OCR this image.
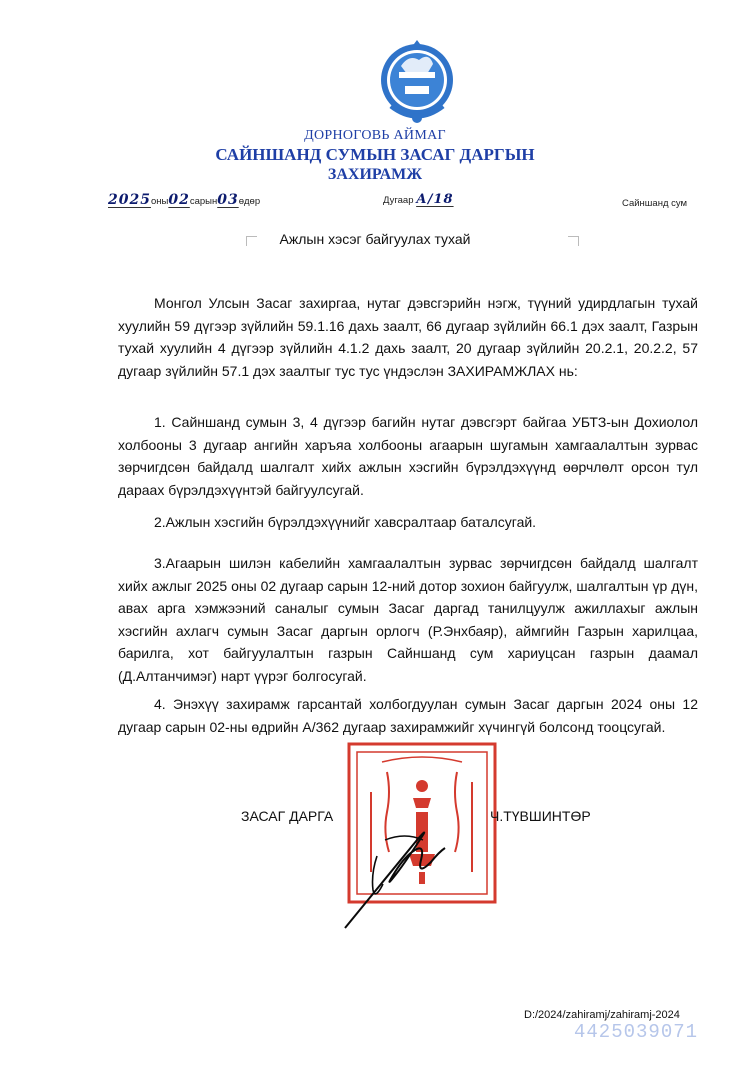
ДОРНОГОВЬ АЙМАГ
САЙНШАНД СУМЫН ЗАСАГ ДАРГЫН
ЗАХИРАМЖ
2025оны02сарын03өдөр	Дугаар А/18	Сайншанд сум
Ажлын хэсэг байгуулах тухай

Монгол Улсын Засаг захиргаа, нутаг дэвсгэрийн нэгж, түүний удирдлагын тухай хуулийн 59 дүгээр зүйлийн 59.1.16 дахь заалт, 66 дугаар зүйлийн 66.1 дэх заалт, Газрын тухай хуулийн 4 дүгээр зүйлийн 4.1.2 дахь заалт, 20 дугаар зүйлийн 20.2.1, 20.2.2, 57 дугаар зүйлийн 57.1 дэх заалтыг тус тус үндэслэн ЗАХИРАМЖЛАХ нь:

1. Сайншанд сумын 3, 4 дүгээр багийн нутаг дэвсгэрт байгаа УБТЗ-ын Дохиолол холбооны 3 дугаар ангийн харъяа холбооны агаарын шугамын хамгаалалтын зурвас зөрчигдсөн байдалд шалгалт хийх ажлын хэсгийн бүрэлдэхүүнд өөрчлөлт орсон тул дараах бүрэлдэхүүнтэй байгуулсугай.

2.Ажлын хэсгийн бүрэлдэхүүнийг хавсралтаар баталсугай.

3.Агаарын шилэн кабелийн хамгаалалтын зурвас зөрчигдсөн байдалд шалгалт хийх ажлыг 2025 оны 02 дугаар сарын 12-ний дотор зохион байгуулж, шалгалтын үр дүн, авах арга хэмжээний саналыг сумын Засаг даргад танилцуулж ажиллахыг ажлын хэсгийн ахлагч сумын Засаг даргын орлогч (Р.Энхбаяр), аймгийн Газрын харилцаа, барилга, хот байгуулалтын газрын Сайншанд сум хариуцсан газрын даамал (Д.Алтанчимэг) нарт үүрэг болгосугай.

4. Энэхүү захирамж гарсантай холбогдуулан сумын Засаг даргын 2024 оны 12 дугаар сарын 02-ны өдрийн А/362 дугаар захирамжийг хүчингүй болсонд тооцсугай.

ЗАСАГ ДАРГА	Ч.ТҮВШИНТӨР
D:/2024/zahiramj/zahiramj-2024
4425039071
